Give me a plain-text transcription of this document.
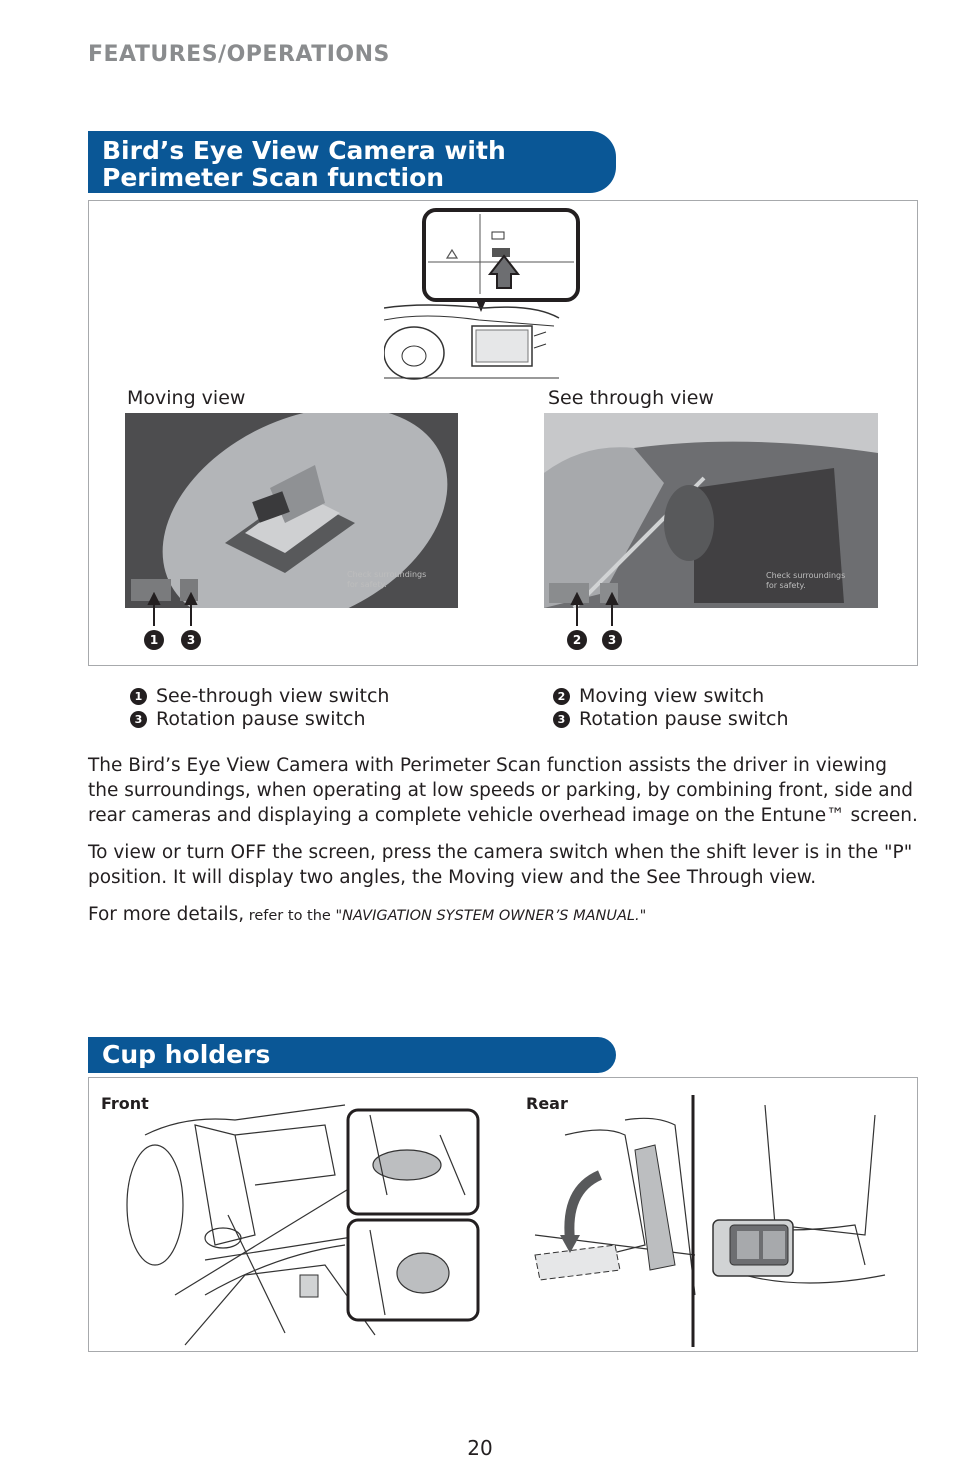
FEATURES/OPERATIONS
Bird’s Eye View Camera with
Perimeter Scan function
Moving view	See through view
Check surroundings
for safety.
Check surroundings
for safety.
1	3	2	3
1 See-through view switch
3 Rotation pause switch
2 Moving view switch
3 Rotation pause switch

The Bird’s Eye View Camera with Perimeter Scan function assists the driver in viewing the surroundings, when operating at low speeds or parking, by combining front, side and rear cameras and displaying a complete vehicle overhead image on the Entune™ screen.

To view or turn OFF the screen, press the camera switch when the shift lever is in the "P" position. It will display two angles, the Moving view and the See Through view.

For more details, refer to the "NAVIGATION SYSTEM OWNER’S MANUAL."

Cup holders
Front	Rear
20
